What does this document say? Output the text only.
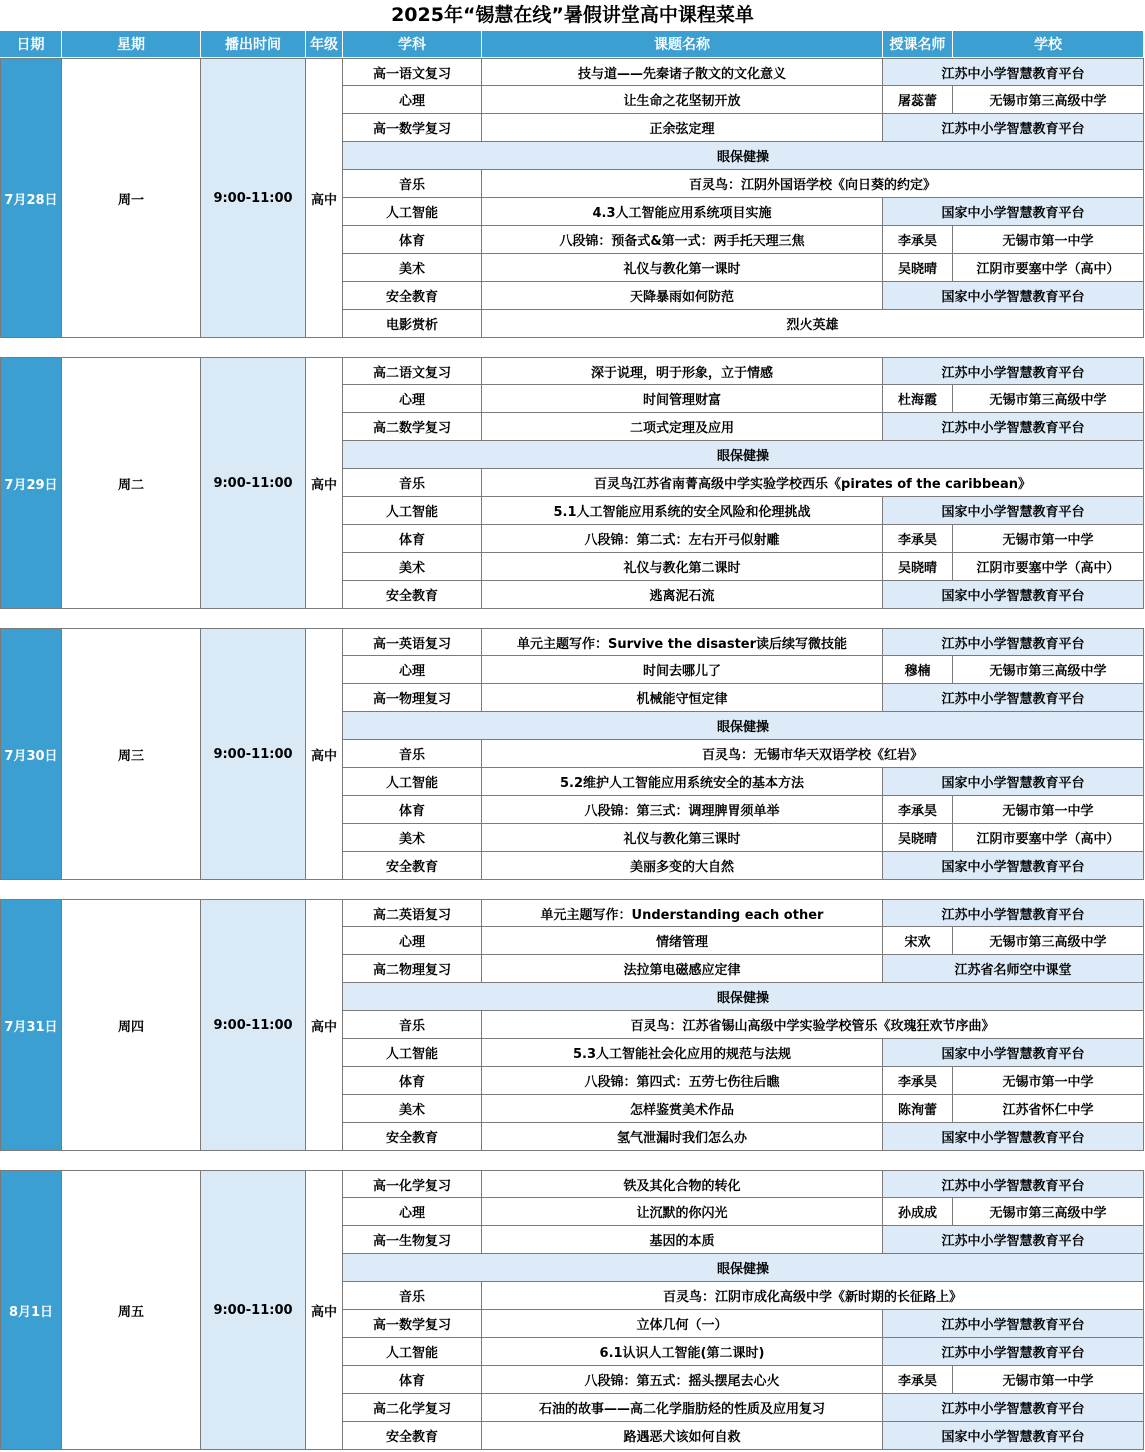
2025年“锡慧在线”暑假讲堂高中课程菜单
日期	星期	播出时间	年级	学科	课题名称	授课名师	学校
7月28日	周一	9:00-11:00	高中
高一语文复习	技与道——先秦诸子散文的文化意义	江苏中小学智慧教育平台
心理	让生命之花坚韧开放	屠蕊蕾	无锡市第三高级中学
高一数学复习	正余弦定理	江苏中小学智慧教育平台
眼保健操
音乐	百灵鸟：江阴外国语学校《向日葵的约定》
人工智能	4.3人工智能应用系统项目实施	国家中小学智慧教育平台
体育	八段锦：预备式&第一式：两手托天理三焦	李承昊	无锡市第一中学
美术	礼仪与教化第一课时	吴晓晴	江阴市要塞中学（高中）
安全教育	天降暴雨如何防范	国家中小学智慧教育平台
电影赏析	烈火英雄
7月29日	周二	9:00-11:00	高中
高二语文复习	深于说理，明于形象，立于情感	江苏中小学智慧教育平台
心理	时间管理财富	杜海霞	无锡市第三高级中学
高二数学复习	二项式定理及应用	江苏中小学智慧教育平台
眼保健操
音乐	百灵鸟江苏省南菁高级中学实验学校西乐《pirates of the caribbean》
人工智能	5.1人工智能应用系统的安全风险和伦理挑战	国家中小学智慧教育平台
体育	八段锦：第二式：左右开弓似射雕	李承昊	无锡市第一中学
美术	礼仪与教化第二课时	吴晓晴	江阴市要塞中学（高中）
安全教育	逃离泥石流	国家中小学智慧教育平台
7月30日	周三	9:00-11:00	高中
高一英语复习	单元主题写作：Survive the disaster读后续写微技能	江苏中小学智慧教育平台
心理	时间去哪儿了	穆楠	无锡市第三高级中学
高一物理复习	机械能守恒定律	江苏中小学智慧教育平台
眼保健操
音乐	百灵鸟：无锡市华天双语学校《红岩》
人工智能	5.2维护人工智能应用系统安全的基本方法	国家中小学智慧教育平台
体育	八段锦：第三式：调理脾胃须单举	李承昊	无锡市第一中学
美术	礼仪与教化第三课时	吴晓晴	江阴市要塞中学（高中）
安全教育	美丽多变的大自然	国家中小学智慧教育平台
7月31日	周四	9:00-11:00	高中
高二英语复习	单元主题写作：Understanding each other	江苏中小学智慧教育平台
心理	情绪管理	宋欢	无锡市第三高级中学
高二物理复习	法拉第电磁感应定律	江苏省名师空中课堂
眼保健操
音乐	百灵鸟：江苏省锡山高级中学实验学校管乐《玫瑰狂欢节序曲》
人工智能	5.3人工智能社会化应用的规范与法规	国家中小学智慧教育平台
体育	八段锦：第四式：五劳七伤往后瞧	李承昊	无锡市第一中学
美术	怎样鉴赏美术作品	陈洵蕾	江苏省怀仁中学
安全教育	氢气泄漏时我们怎么办	国家中小学智慧教育平台
8月1日	周五	9:00-11:00	高中
高一化学复习	铁及其化合物的转化	江苏中小学智慧教育平台
心理	让沉默的你闪光	孙成成	无锡市第三高级中学
高一生物复习	基因的本质	江苏中小学智慧教育平台
眼保健操
音乐	百灵鸟：江阴市成化高级中学《新时期的长征路上》
高一数学复习	立体几何（一）	江苏中小学智慧教育平台
人工智能	6.1认识人工智能(第二课时)	江苏中小学智慧教育平台
体育	八段锦：第五式：摇头摆尾去心火	李承昊	无锡市第一中学
高二化学复习	石油的故事——高二化学脂肪烃的性质及应用复习	江苏中小学智慧教育平台
安全教育	路遇恶犬该如何自救	国家中小学智慧教育平台
